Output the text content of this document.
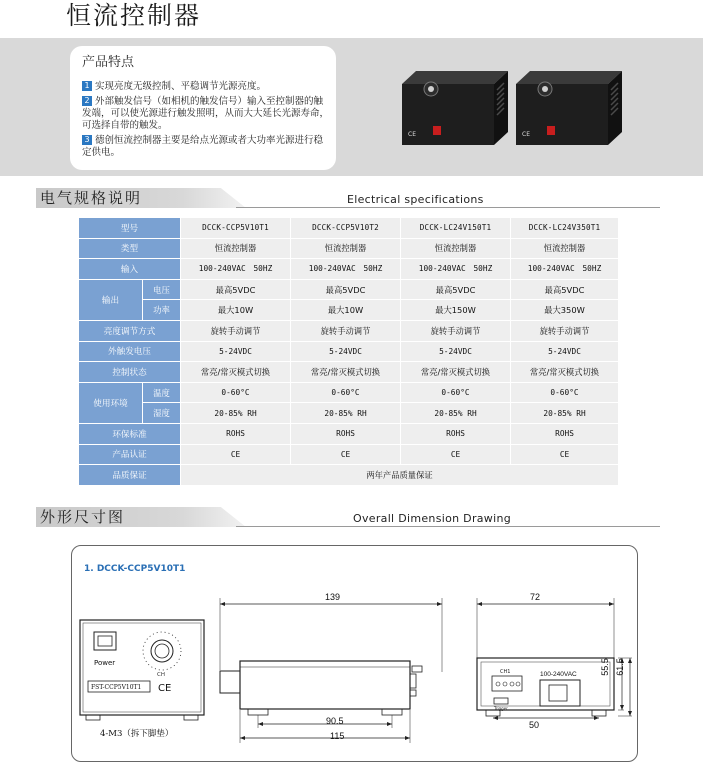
恒流控制器
产品特点
1 实现亮度无级控制、平稳调节光源亮度。
2 外部触发信号（如相机的触发信号）输入至控制器的触发端，可以使光源进行触发照明，从而大大延长光源寿命，可选择自带的触发。
3 德创恒流控制器主要是给点光源或者大功率光源进行稳定供电。
CE	CE
电气规格说明	Electrical specifications
型号		DCCK-CCP5V10T1	DCCK-CCP5V10T2	DCCK-LC24V150T1	DCCK-LC24V350T1
类型		恒流控制器	恒流控制器	恒流控制器	恒流控制器
输入		100-240VAC　50HZ	100-240VAC　50HZ	100-240VAC　50HZ	100-240VAC　50HZ
输出	电压	最高5VDC	最高5VDC	最高5VDC	最高5VDC
	功率	最大10W	最大10W	最大150W	最大350W
亮度调节方式		旋转手动调节	旋转手动调节	旋转手动调节	旋转手动调节
外触发电压		5-24VDC	5-24VDC	5-24VDC	5-24VDC
控制状态		常亮/常灭模式切换	常亮/常灭模式切换	常亮/常灭模式切换	常亮/常灭模式切换
使用环境	温度	0-60°C	0-60°C	0-60°C	0-60°C
	湿度	20-85% RH	20-85% RH	20-85% RH	20-85% RH
环保标准		ROHS	ROHS	ROHS	ROHS
产品认证		CE	CE	CE	CE
品质保证		两年产品质量保证			
外形尺寸图	Overall Dimension Drawing
1. DCCK-CCP5V10T1
Power
CH
FST-CCP5V10T1 CE
4-M3（拆下脚垫）
139
90.5
115
CH1	100-240VAC
Trigger
72
55.5 61.5
50
